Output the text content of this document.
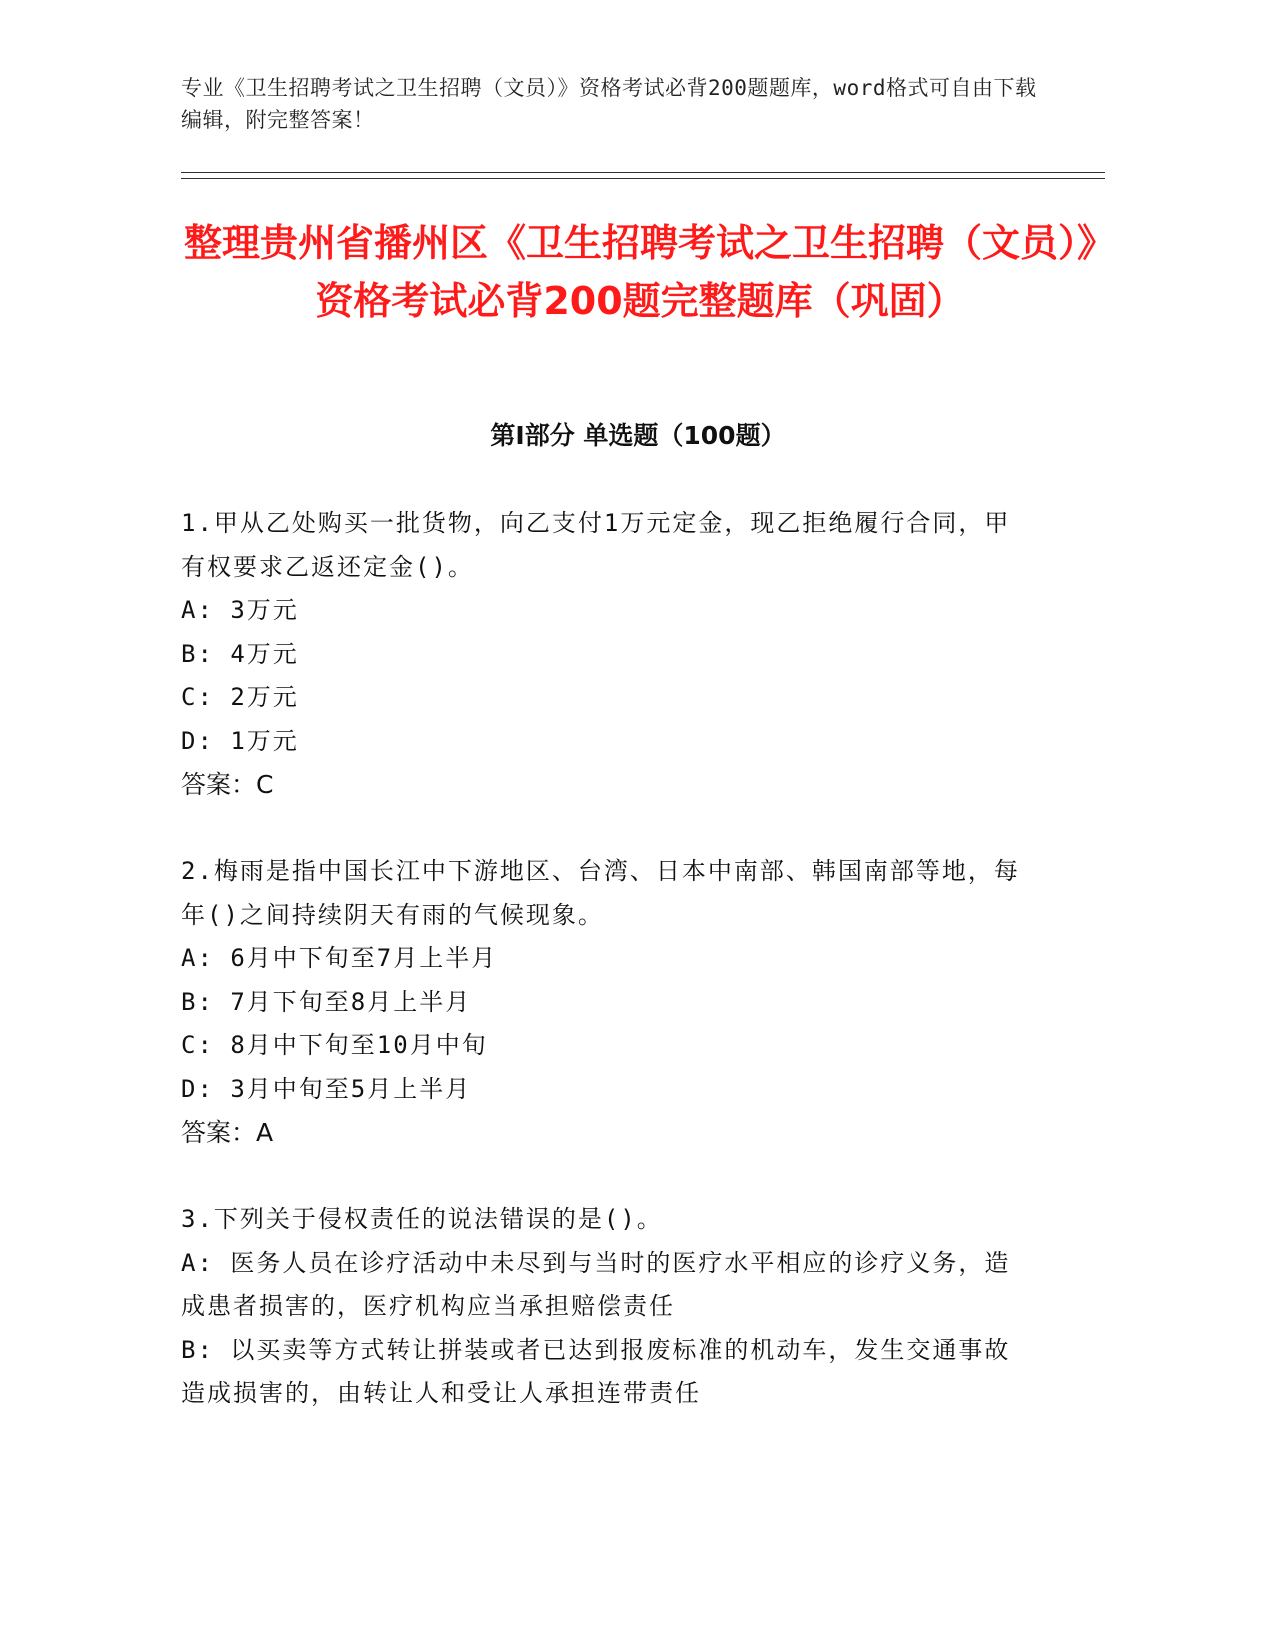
专业《卫生招聘考试之卫生招聘（文员）》资格考试必背200题题库，word格式可自由下载编辑，附完整答案！
整理贵州省播州区《卫生招聘考试之卫生招聘（文员）》资格考试必背200题完整题库（巩固）
第Ⅰ部分 单选题（100题）

1.甲从乙处购买一批货物，向乙支付1万元定金，现乙拒绝履行合同，甲有权要求乙返还定金()。

A: 3万元

B: 4万元

C: 2万元

D: 1万元

答案：C

2.梅雨是指中国长江中下游地区、台湾、日本中南部、韩国南部等地，每年()之间持续阴天有雨的气候现象。

A: 6月中下旬至7月上半月

B: 7月下旬至8月上半月

C: 8月中下旬至10月中旬

D: 3月中旬至5月上半月

答案：A

3.下列关于侵权责任的说法错误的是()。

A: 医务人员在诊疗活动中未尽到与当时的医疗水平相应的诊疗义务，造成患者损害的，医疗机构应当承担赔偿责任

B: 以买卖等方式转让拼装或者已达到报废标准的机动车，发生交通事故造成损害的，由转让人和受让人承担连带责任
